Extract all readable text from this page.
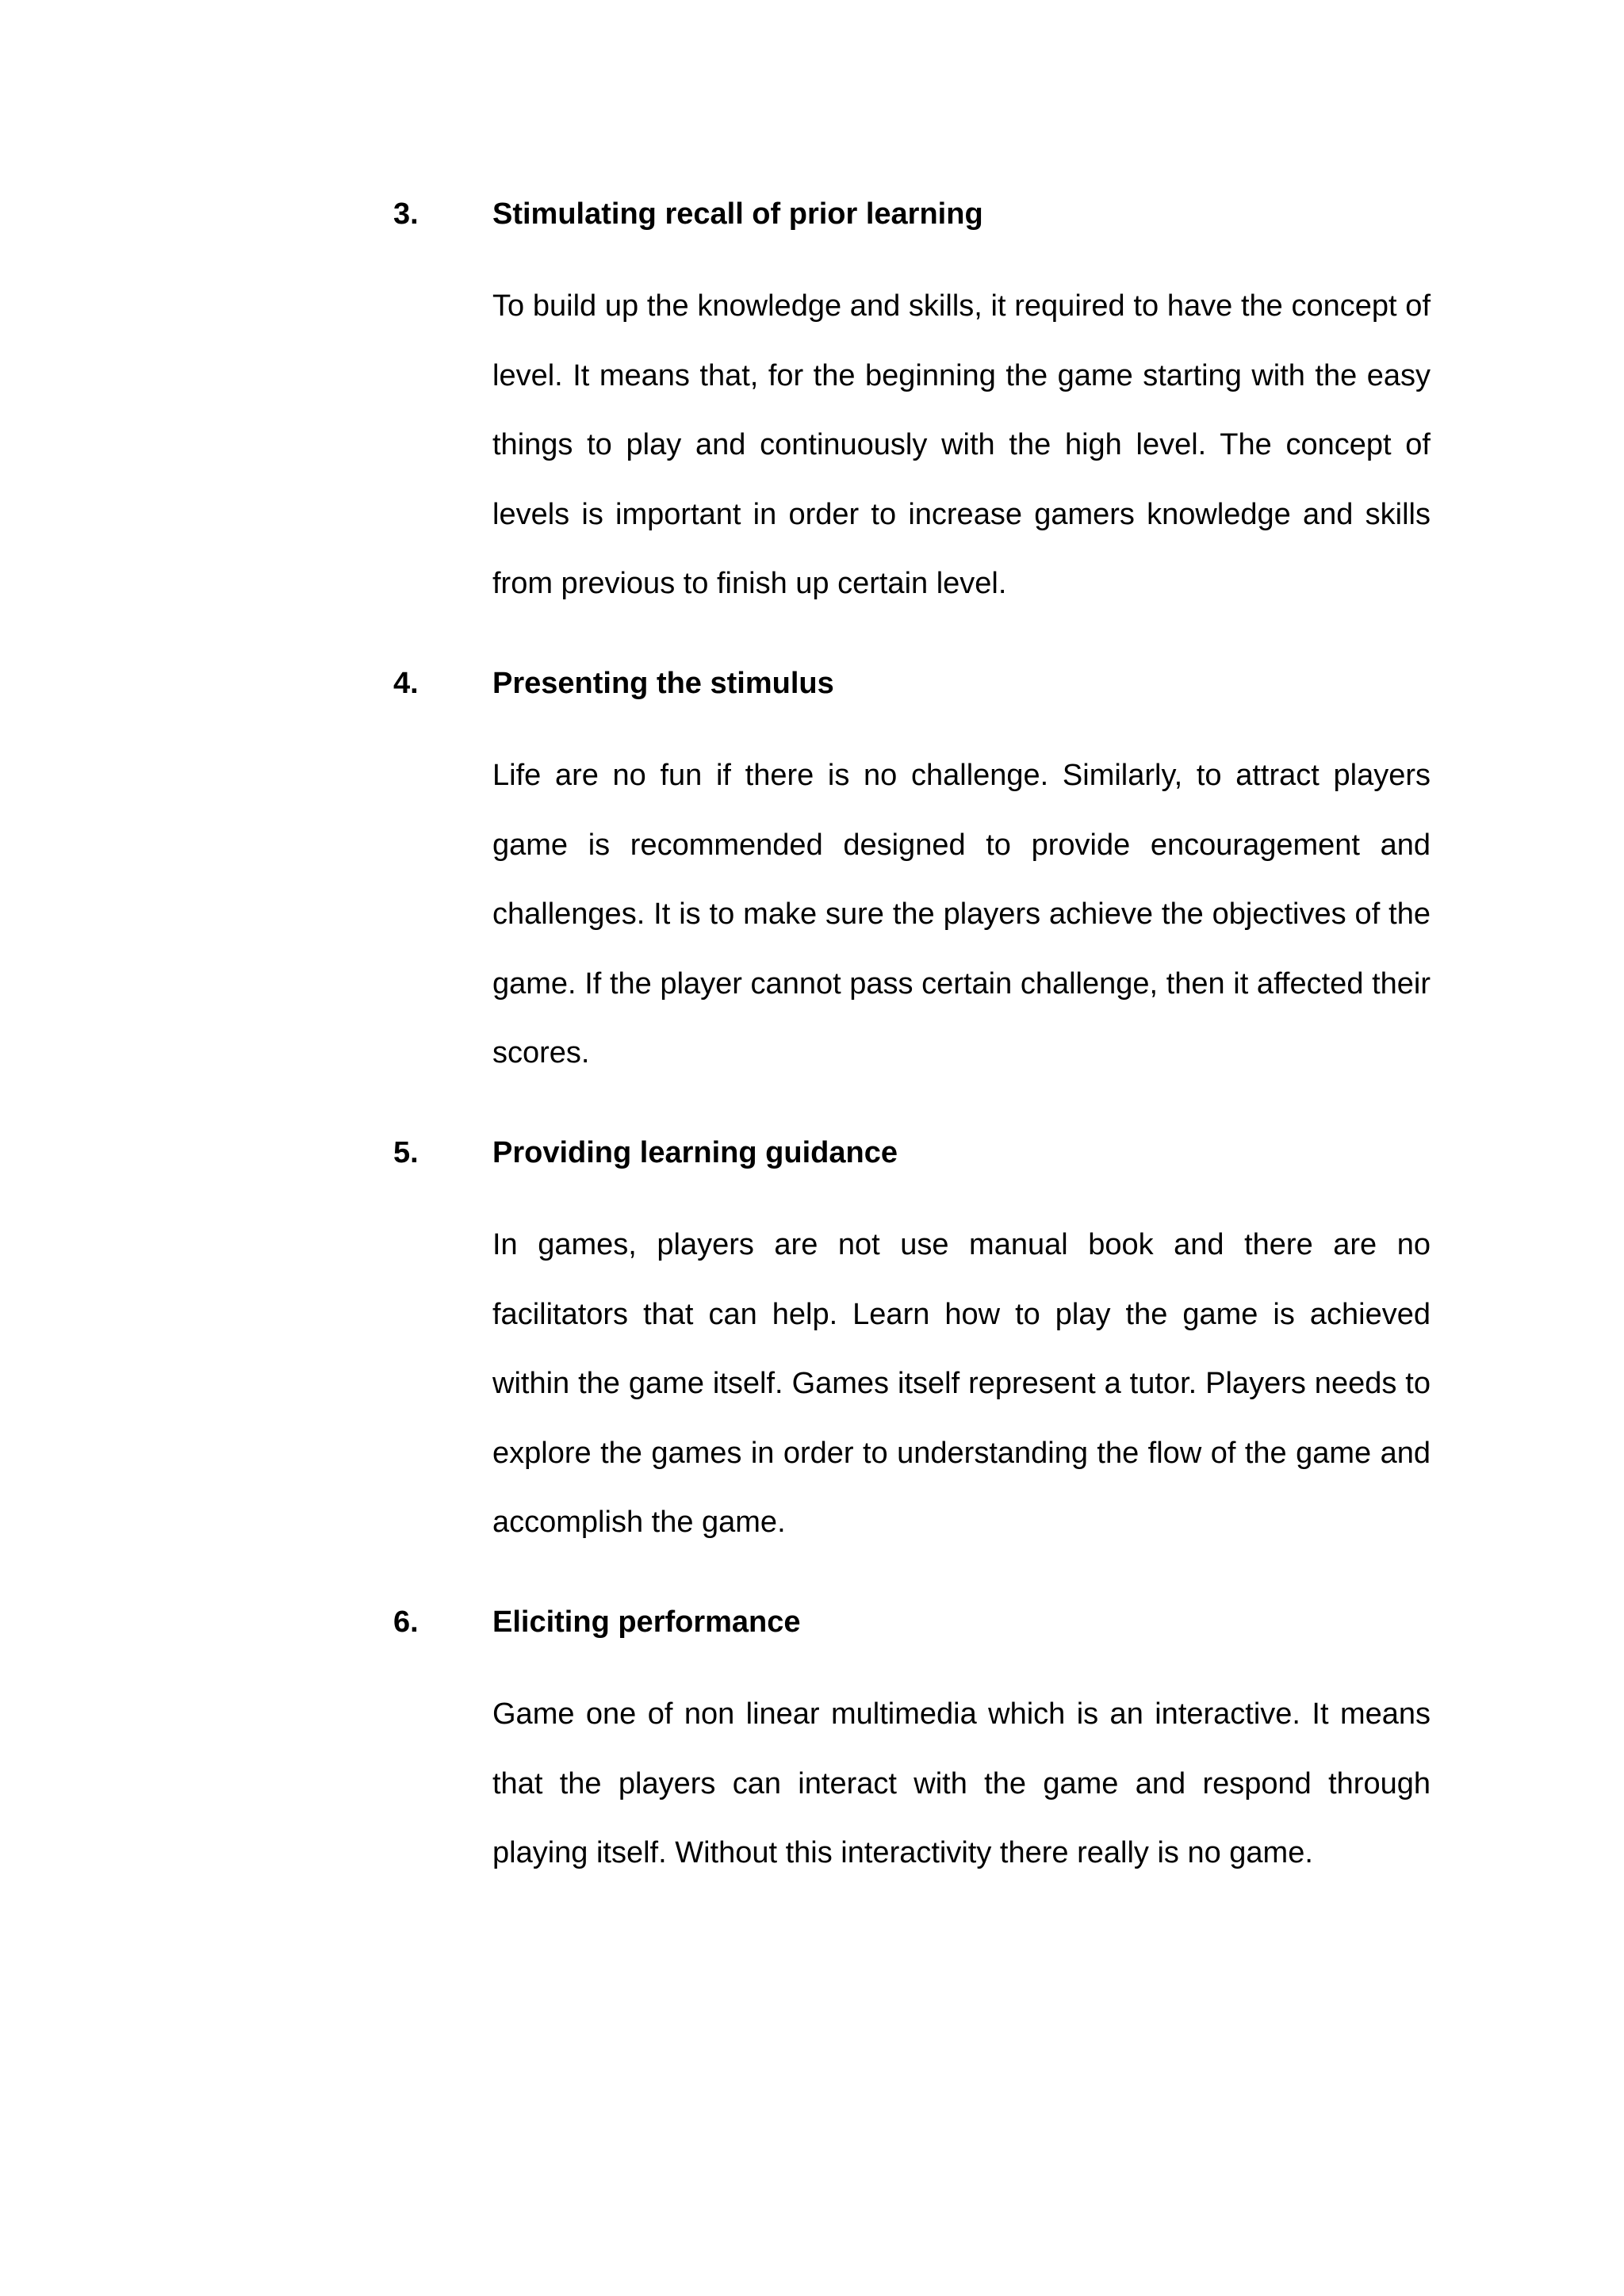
3. Stimulating recall of prior learning

To build up the knowledge and skills, it required to have the concept of level. It means that, for the beginning the game starting with the easy things to play and continuously with the high level. The concept of levels is important in order to increase gamers knowledge and skills from previous to finish up certain level.

4. Presenting the stimulus

Life are no fun if there is no challenge. Similarly, to attract players game is recommended designed to provide encouragement and challenges. It is to make sure the players achieve the objectives of the game. If the player cannot pass certain challenge, then it affected their scores.

5. Providing learning guidance

In games, players are not use manual book and there are no facilitators that can help. Learn how to play the game is achieved within the game itself. Games itself represent a tutor. Players needs to explore the games in order to understanding the flow of the game and accomplish the game.

6. Eliciting performance

Game one of non linear multimedia which is an interactive. It means that the players can interact with the game and respond through playing itself. Without this interactivity there really is no game.
